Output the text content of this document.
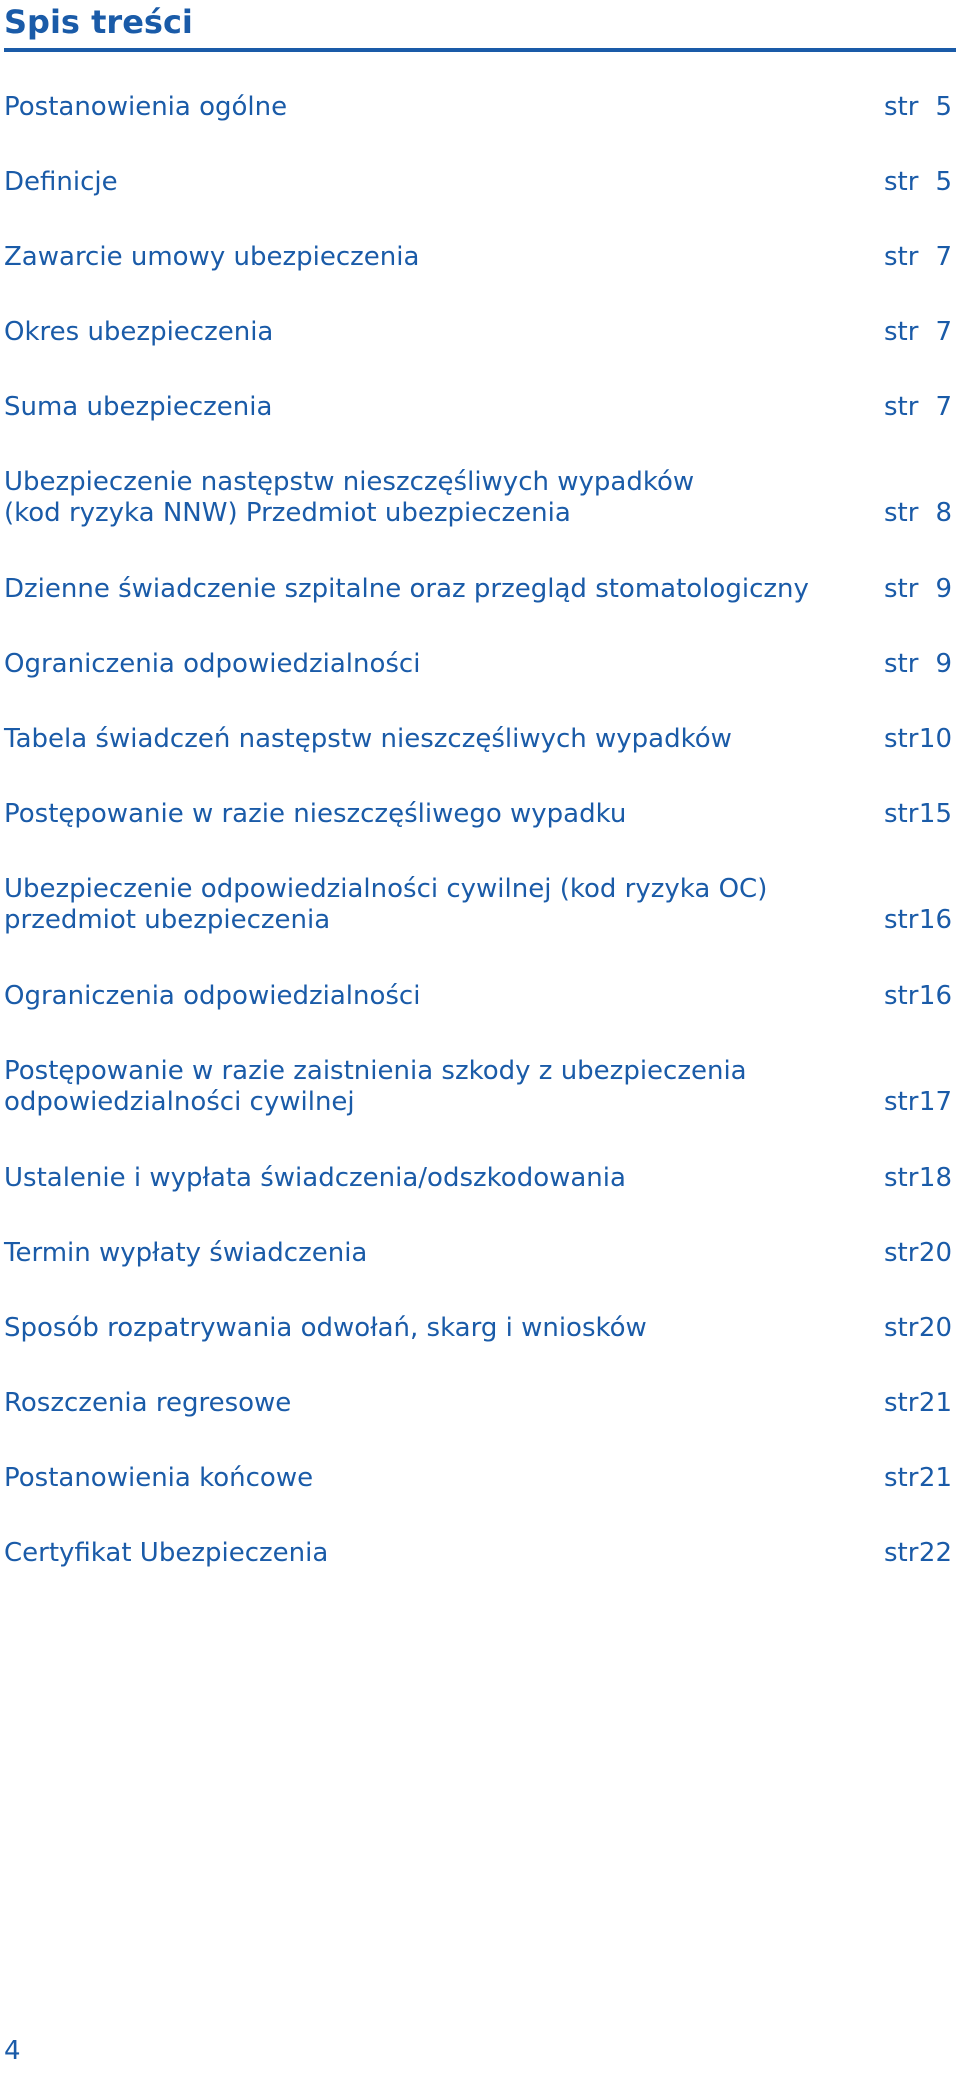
Spis treści
Postanowienia ogólne	str 5
Definicje	str 5
Zawarcie umowy ubezpieczenia	str 7
Okres ubezpieczenia	str 7
Suma ubezpieczenia	str 7
Ubezpieczenie następstw nieszczęśliwych wypadków
(kod ryzyka NNW) Przedmiot ubezpieczenia	str 8
Dzienne świadczenie szpitalne oraz przegląd stomatologiczny	str 9
Ograniczenia odpowiedzialności	str 9
Tabela świadczeń następstw nieszczęśliwych wypadków	str10
Postępowanie w razie nieszczęśliwego wypadku	str15
Ubezpieczenie odpowiedzialności cywilnej (kod ryzyka OC)
przedmiot ubezpieczenia	str16
Ograniczenia odpowiedzialności	str16
Postępowanie w razie zaistnienia szkody z ubezpieczenia
odpowiedzialności cywilnej	str17
Ustalenie i wypłata świadczenia/odszkodowania	str18
Termin wypłaty świadczenia	str20
Sposób rozpatrywania odwołań, skarg i wniosków	str20
Roszczenia regresowe	str21
Postanowienia końcowe	str21
Certyfikat Ubezpieczenia	str22
4
